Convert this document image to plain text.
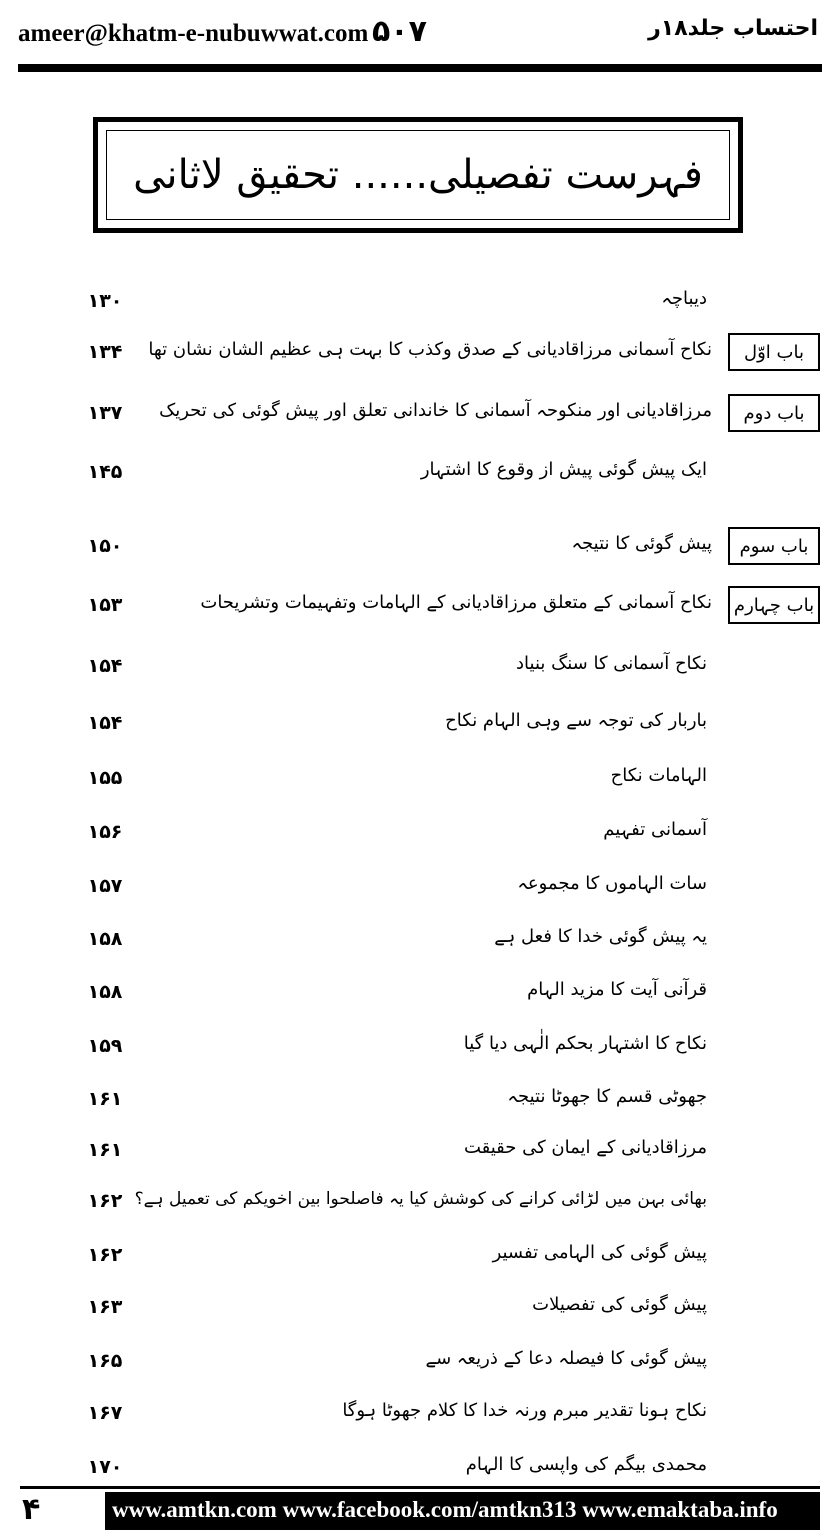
ameer@khatm-e-nubuwwat.com ۵۰۷	احتساب جلد۱۸ر
فہرست تفصیلی...... تحقیق لاثانی
۱۳۰	دیباچہ
۱۳۴	نکاح آسمانی مرزاقادیانی کے صدق وکذب کا بہت ہی عظیم الشان نشان تھا	باب اوّل
۱۳۷	مرزاقادیانی اور منکوحہ آسمانی کا خاندانی تعلق اور پیش گوئی کی تحریک	باب دوم
۱۴۵	ایک پیش گوئی پیش از وقوع کا اشتہار
۱۵۰	پیش گوئی کا نتیجہ	باب سوم
۱۵۳	نکاح آسمانی کے متعلق مرزاقادیانی کے الہامات وتفہیمات وتشریحات	باب چہارم
۱۵۴	نکاح آسمانی کا سنگ بنیاد
۱۵۴	باربار کی توجہ سے وہی الہام نکاح
۱۵۵	الہامات نکاح
۱۵۶	آسمانی تفہیم
۱۵۷	سات الہاموں کا مجموعہ
۱۵۸	یہ پیش گوئی خدا کا فعل ہے
۱۵۸	قرآنی آیت کا مزید الہام
۱۵۹	نکاح کا اشتہار بحکم الٰہی دیا گیا
۱۶۱	جھوٹی قسم کا جھوٹا نتیجہ
۱۶۱	مرزاقادیانی کے ایمان کی حقیقت
۱۶۲ بھائی بہن میں لڑائی کرانے کی کوشش کیا یہ فاصلحوا بین اخویکم کی تعمیل ہے؟
۱۶۲	پیش گوئی کی الہامی تفسیر
۱۶۳	پیش گوئی کی تفصیلات
۱۶۵	پیش گوئی کا فیصلہ دعا کے ذریعہ سے
۱۶۷	نکاح ہونا تقدیر مبرم ورنہ خدا کا کلام جھوٹا ہوگا
۱۷۰	محمدی بیگم کی واپسی کا الہام
۴	www.amtkn.com www.facebook.com/amtkn313 www.emaktaba.info
